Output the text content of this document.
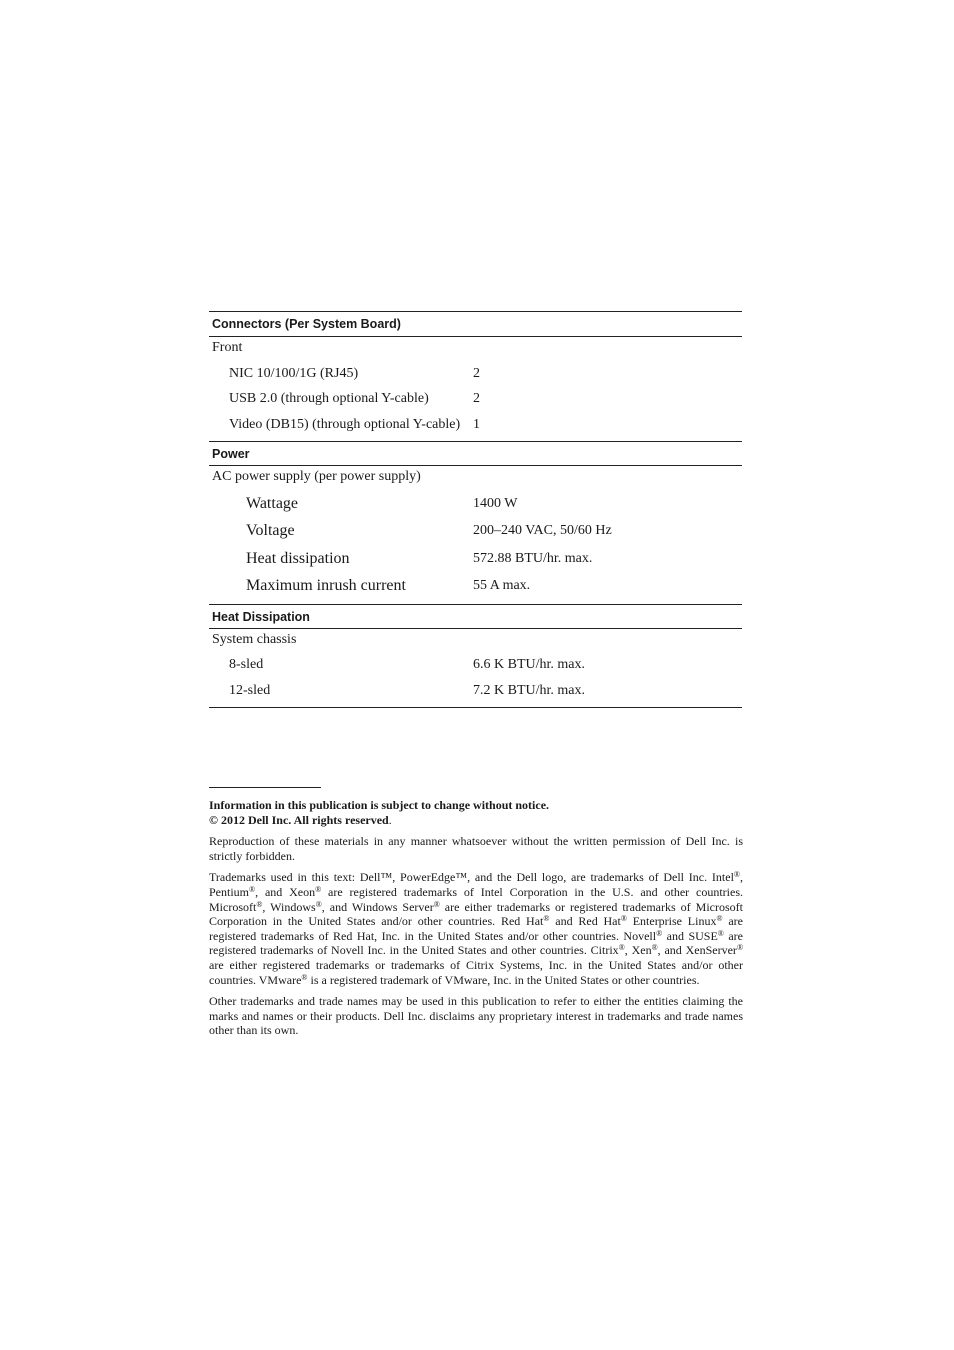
Connectors (Per System Board)
Front
NIC 10/100/1G (RJ45)	2
USB 2.0 (through optional Y-cable)	2
Video (DB15) (through optional Y-cable) 1
Power
AC power supply (per power supply)
Wattage	1400 W
Voltage	200–240 VAC, 50/60 Hz
Heat dissipation	572.88 BTU/hr. max.
Maximum inrush current	55 A max.
Heat Dissipation
System chassis
8-sled	6.6 K BTU/hr. max.
12-sled	7.2 K BTU/hr. max.

Information in this publication is subject to change without notice.
© 2012 Dell Inc. All rights reserved.

Reproduction of these materials in any manner whatsoever without the written permission of Dell Inc. is strictly forbidden.

Trademarks used in this text: Dell™, PowerEdge™, and the Dell logo, are trademarks of Dell Inc. Intel®, Pentium®, and Xeon® are registered trademarks of Intel Corporation in the U.S. and other countries. Microsoft®, Windows®, and Windows Server® are either trademarks or registered trademarks of Microsoft Corporation in the United States and/or other countries. Red Hat® and Red Hat® Enterprise Linux® are registered trademarks of Red Hat, Inc. in the United States and/or other countries. Novell® and SUSE® are registered trademarks of Novell Inc. in the United States and other countries. Citrix®, Xen®, and XenServer® are either registered trademarks or trademarks of Citrix Systems, Inc. in the United States and/or other countries. VMware® is a registered trademark of VMware, Inc. in the United States or other countries.

Other trademarks and trade names may be used in this publication to refer to either the entities claiming the marks and names or their products. Dell Inc. disclaims any proprietary interest in trademarks and trade names other than its own.
